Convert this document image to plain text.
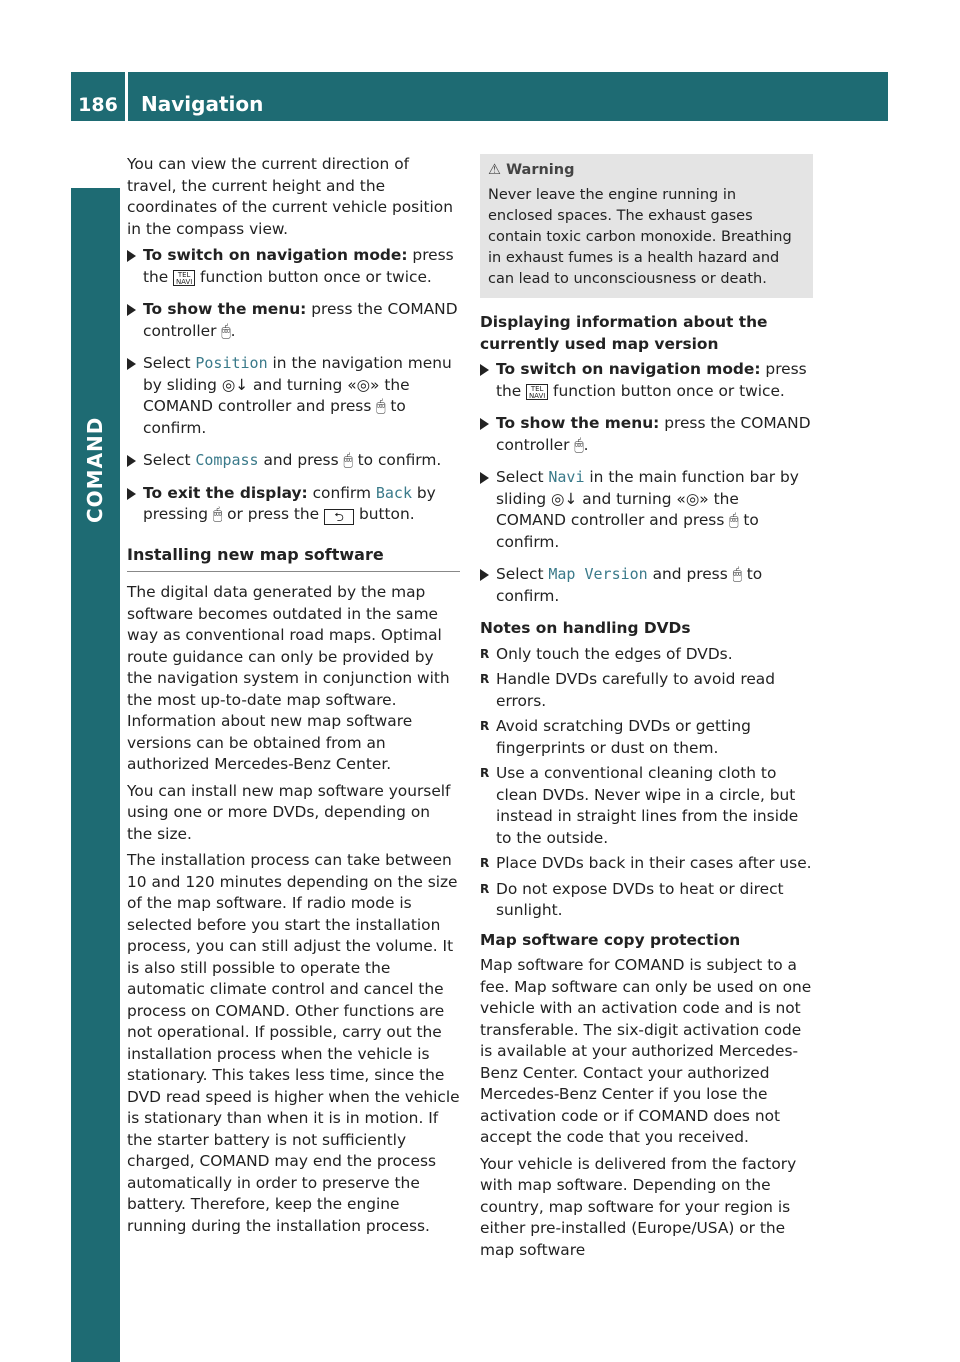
186	Navigation
COMAND

You can view the current direction of travel, the current height and the coordinates of the current vehicle position in the compass view.

To switch on navigation mode: press the TEL NAVI function button once or twice.
To show the menu: press the COMAND controller 🖱.
Select Position in the navigation menu by sliding ◎↓ and turning «◎» the COMAND controller and press 🖱 to confirm.
Select Compass and press 🖱 to confirm.
To exit the display: confirm Back by pressing 🖱 or press the ⮌ button.
Installing new map software

The digital data generated by the map software becomes outdated in the same way as conventional road maps. Optimal route guidance can only be provided by the navigation system in conjunction with the most up-to-date map software. Information about new map software versions can be obtained from an authorized Mercedes-Benz Center.

You can install new map software yourself using one or more DVDs, depending on the size.

The installation process can take between 10 and 120 minutes depending on the size of the map software. If radio mode is selected before you start the installation process, you can still adjust the volume. It is also still possible to operate the automatic climate control and cancel the process on COMAND. Other functions are not operational. If possible, carry out the installation process when the vehicle is stationary. This takes less time, since the DVD read speed is higher when the vehicle is stationary than when it is in motion. If the starter battery is not sufficiently charged, COMAND may end the process automatically in order to preserve the battery. Therefore, keep the engine running during the installation process.

⚠ Warning
Never leave the engine running in enclosed spaces. The exhaust gases contain toxic carbon monoxide. Breathing in exhaust fumes is a health hazard and can lead to unconsciousness or death.
Displaying information about the currently used map version
To switch on navigation mode: press the TEL NAVI function button once or twice.
To show the menu: press the COMAND controller 🖱.
Select Navi in the main function bar by sliding ◎↓ and turning «◎» the COMAND controller and press 🖱 to confirm.
Select Map Version and press 🖱 to confirm.
Notes on handling DVDs
R Only touch the edges of DVDs.
R Handle DVDs carefully to avoid read errors.
R Avoid scratching DVDs or getting fingerprints or dust on them.
R Use a conventional cleaning cloth to clean DVDs. Never wipe in a circle, but instead in straight lines from the inside to the outside.
R Place DVDs back in their cases after use.
R Do not expose DVDs to heat or direct sunlight.
Map software copy protection

Map software for COMAND is subject to a fee. Map software can only be used on one vehicle with an activation code and is not transferable. The six-digit activation code is available at your authorized Mercedes-Benz Center. Contact your authorized Mercedes-Benz Center if you lose the activation code or if COMAND does not accept the code that you received.

Your vehicle is delivered from the factory with map software. Depending on the country, map software for your region is either pre-installed (Europe/USA) or the map software
